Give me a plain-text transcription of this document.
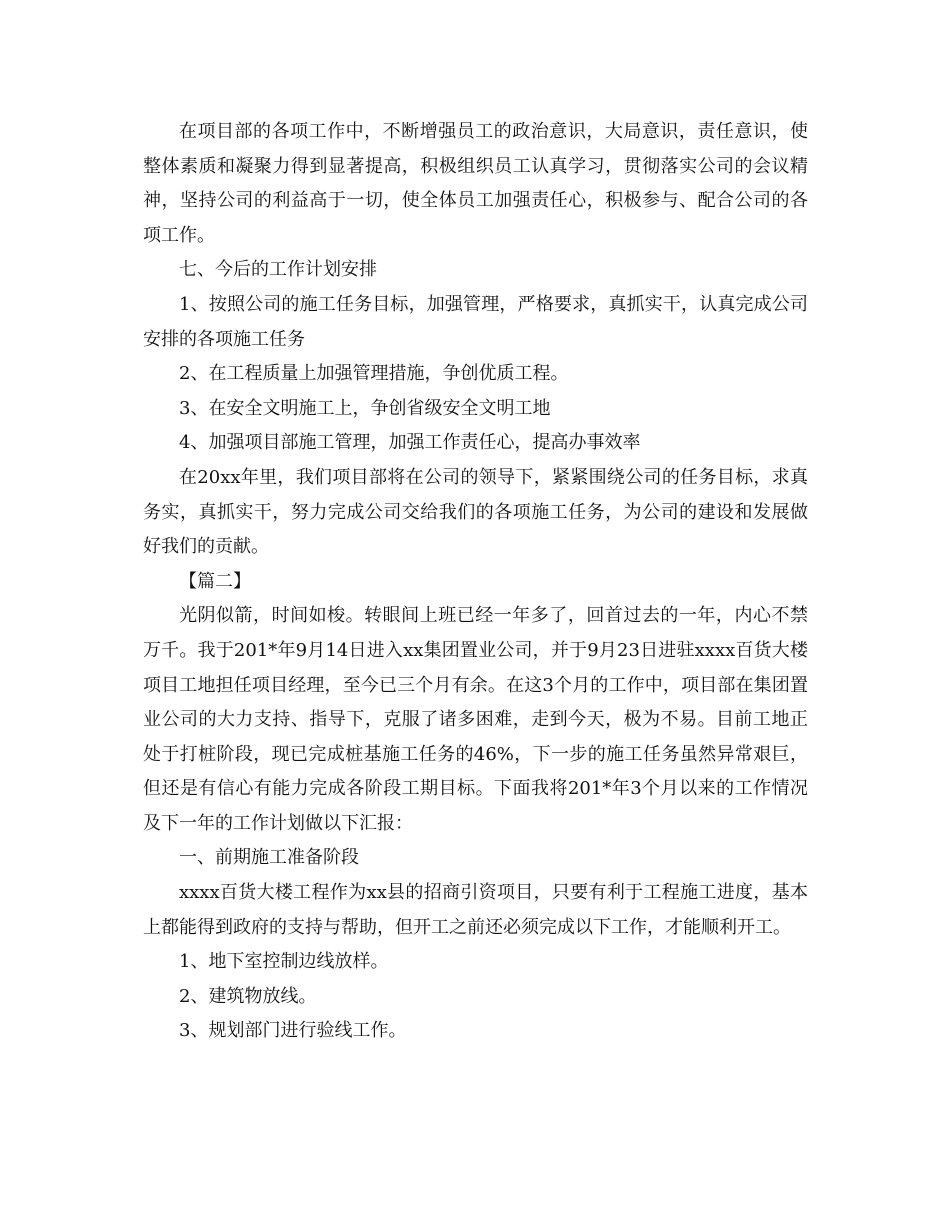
在项目部的各项工作中，不断增强员工的政治意识，大局意识，责任意识，使整体素质和凝聚力得到显著提高，积极组织员工认真学习，贯彻落实公司的会议精神，坚持公司的利益高于一切，使全体员工加强责任心，积极参与、配合公司的各项工作。

七、今后的工作计划安排

1、按照公司的施工任务目标，加强管理，严格要求，真抓实干，认真完成公司安排的各项施工任务

2、在工程质量上加强管理措施，争创优质工程。

3、在安全文明施工上，争创省级安全文明工地

4、加强项目部施工管理，加强工作责任心，提高办事效率

在20xx年里，我们项目部将在公司的领导下，紧紧围绕公司的任务目标，求真务实，真抓实干，努力完成公司交给我们的各项施工任务，为公司的建设和发展做好我们的贡献。

【篇二】

光阴似箭，时间如梭。转眼间上班已经一年多了，回首过去的一年，内心不禁万千。我于201*年9月14日进入xx集团置业公司，并于9月23日进驻xxxx百货大楼项目工地担任项目经理，至今已三个月有余。在这3个月的工作中，项目部在集团置业公司的大力支持、指导下，克服了诸多困难，走到今天，极为不易。目前工地正处于打桩阶段，现已完成桩基施工任务的46%，下一步的施工任务虽然异常艰巨，但还是有信心有能力完成各阶段工期目标。下面我将201*年3个月以来的工作情况及下一年的工作计划做以下汇报：

一、前期施工准备阶段

xxxx百货大楼工程作为xx县的招商引资项目，只要有利于工程施工进度，基本上都能得到政府的支持与帮助，但开工之前还必须完成以下工作，才能顺利开工。

1、地下室控制边线放样。

2、建筑物放线。

3、规划部门进行验线工作。
